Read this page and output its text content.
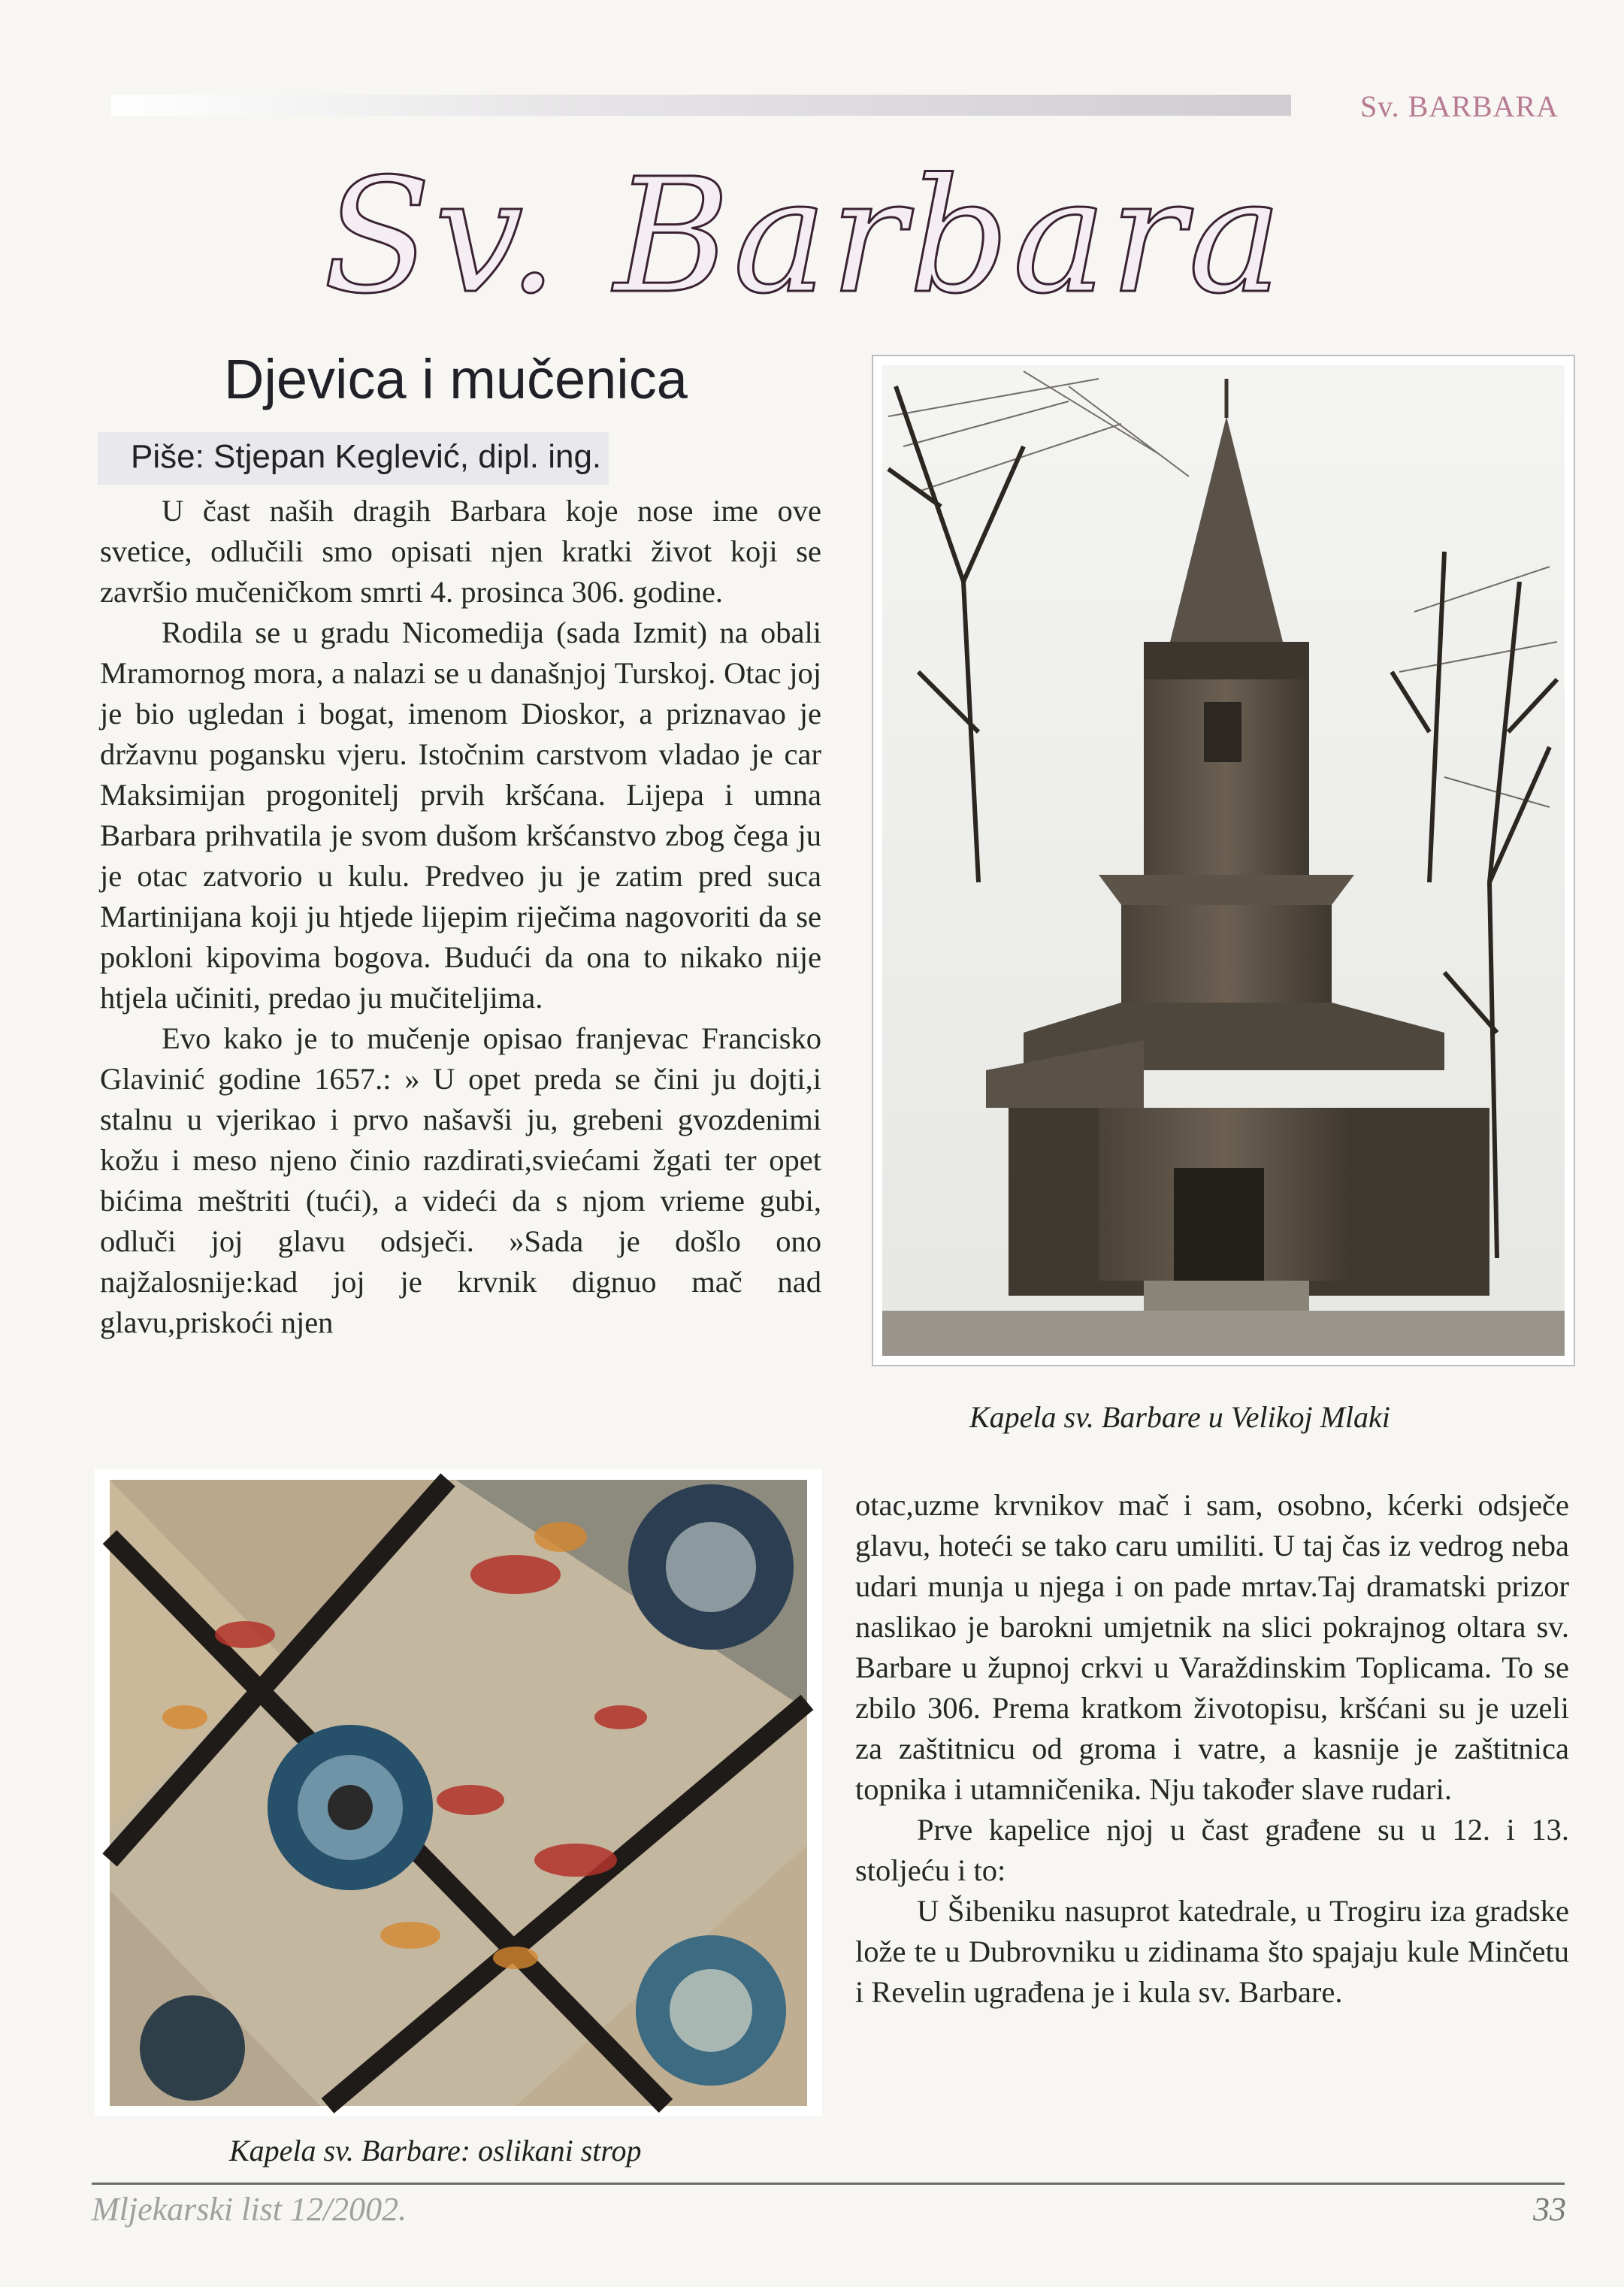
Sv. BARBARA
Sv. Barbara
Djevica i mučenica
Piše: Stjepan Keglević, dipl. ing.

U čast naših dragih Barbara koje nose ime ove svetice, odlučili smo opisati njen kratki život koji se završio mučeničkom smrti 4. prosinca 306. godine.

Rodila se u gradu Nicomedija (sada Izmit) na obali Mramornog mora, a nalazi se u današnjoj Turskoj. Otac joj je bio ugledan i bogat, imenom Dioskor, a priznavao je državnu pogansku vjeru. Istočnim carstvom vladao je car Maksimijan progonitelj prvih kršćana. Lijepa i umna Barbara prihvatila je svom dušom kršćanstvo zbog čega ju je otac zatvorio u kulu. Predveo ju je zatim pred suca Martinijana koji ju htjede lijepim riječima nagovoriti da se pokloni kipovima bogova. Budući da ona to nikako nije htjela učiniti, predao ju mučiteljima.

Evo kako je to mučenje opisao franjevac Francisko Glavinić godine 1657.: » U opet preda se čini ju dojti,i stalnu u vjerikao i prvo našavši ju, grebeni gvozdenimi kožu i meso njeno činio razdirati,sviećami žgati ter opet bićima meštriti (tući), a videći da s njom vrieme gubi, odluči joj glavu odsječi. »Sada je došlo ono najžalosnije:kad joj je krvnik dignuo mač nad glavu,priskoći njen

Kapela sv. Barbare u Velikoj Mlaki

otac,uzme krvnikov mač i sam, osobno, kćerki odsječe glavu, hoteći se tako caru umiliti. U taj čas iz vedrog neba udari munja u njega i on pade mrtav.Taj dramatski prizor naslikao je barokni umjetnik na slici pokrajnog oltara sv. Barbare u župnoj crkvi u Varaždinskim Toplicama. To se zbilo 306. Prema kratkom životopisu, kršćani su je uzeli za zaštitnicu od groma i vatre, a kasnije je zaštitnica topnika i utamničenika. Nju također slave rudari.

Prve kapelice njoj u čast građene su u 12. i 13. stoljeću i to:

U Šibeniku nasuprot katedrale, u Trogiru iza gradske lože te u Dubrovniku u zidinama što spajaju kule Minčetu i Revelin ugrađena je i kula sv. Barbare.

Kapela sv. Barbare: oslikani strop
Mljekarski list 12/2002.	33
